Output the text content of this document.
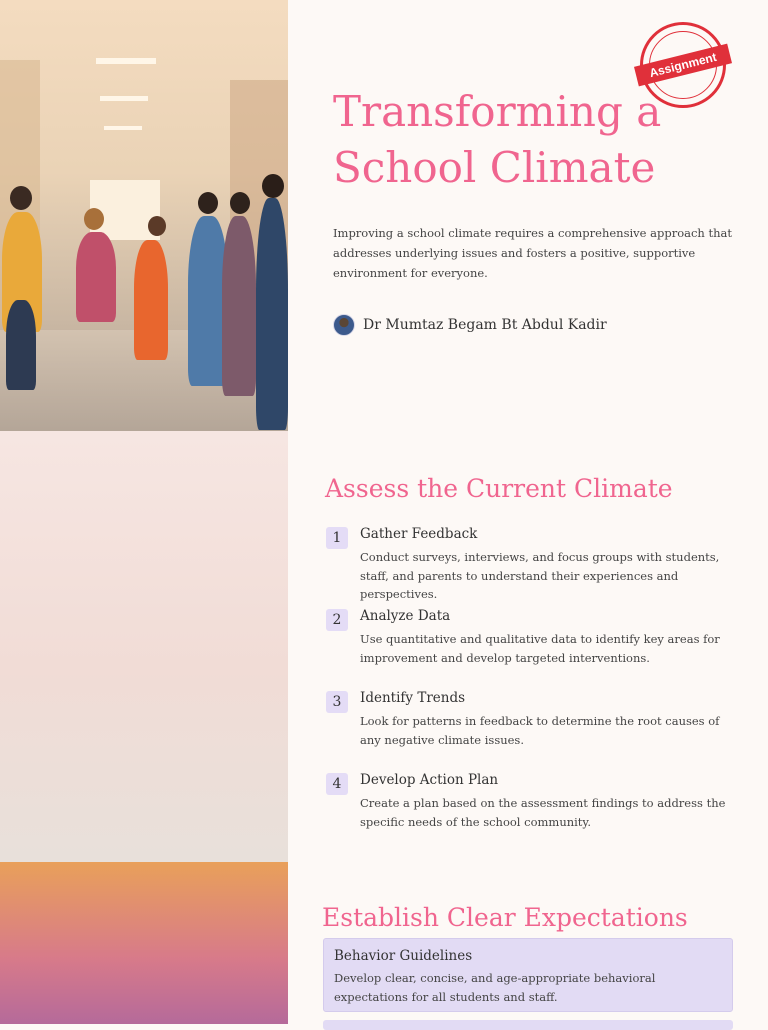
Assignment
Transforming a School Climate

Improving a school climate requires a comprehensive approach that addresses underlying issues and fosters a positive, supportive environment for everyone.

Dr Mumtaz Begam Bt Abdul Kadir
Assess the Current Climate
1	Gather Feedback

Conduct surveys, interviews, and focus groups with students, staff, and parents to understand their experiences and perspectives.

2	Analyze Data

Use quantitative and qualitative data to identify key areas for improvement and develop targeted interventions.

3	Identify Trends

Look for patterns in feedback to determine the root causes of any negative climate issues.

4	Develop Action Plan

Create a plan based on the assessment findings to address the specific needs of the school community.

Establish Clear Expectations
Behavior Guidelines

Develop clear, concise, and age-appropriate behavioral expectations for all students and staff.
